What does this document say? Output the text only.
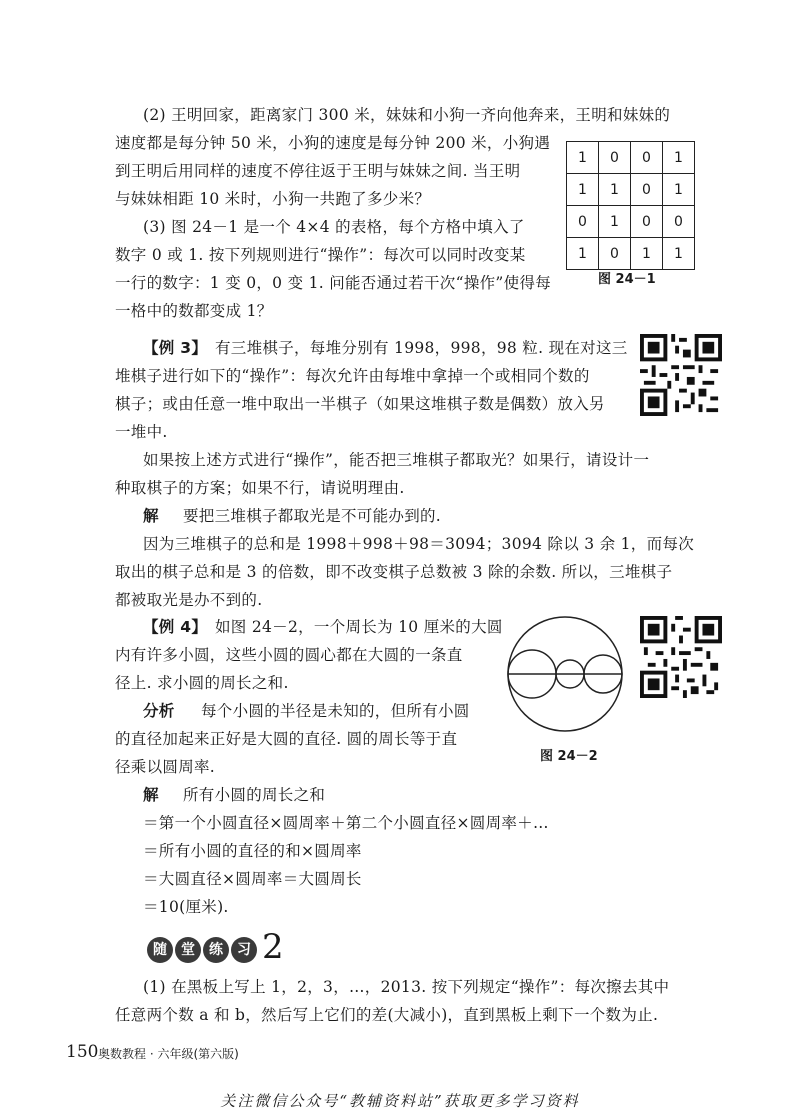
(2) 王明回家，距离家门 300 米，妹妹和小狗一齐向他奔来，王明和妹妹的
速度都是每分钟 50 米，小狗的速度是每分钟 200 米，小狗遇
到王明后用同样的速度不停往返于王明与妹妹之间. 当王明
与妹妹相距 10 米时，小狗一共跑了多少米？
(3) 图 24－1 是一个 4×4 的表格，每个方格中填入了
数字 0 或 1. 按下列规则进行“操作”：每次可以同时改变某
一行的数字：1 变 0，0 变 1. 问能否通过若干次“操作”使得每
一格中的数都变成 1？
1	0	0	1
1	1	0	1
0	1	0	0
1	0	1	1
图 24－1
【例 3】 有三堆棋子，每堆分别有 1998，998，98 粒. 现在对这三
堆棋子进行如下的“操作”：每次允许由每堆中拿掉一个或相同个数的
棋子；或由任意一堆中取出一半棋子（如果这堆棋子数是偶数）放入另
一堆中.
如果按上述方式进行“操作”，能否把三堆棋子都取光？如果行，请设计一
种取棋子的方案；如果不行，请说明理由.
解 要把三堆棋子都取光是不可能办到的.
因为三堆棋子的总和是 1998＋998＋98＝3094；3094 除以 3 余 1，而每次
取出的棋子总和是 3 的倍数，即不改变棋子总数被 3 除的余数. 所以，三堆棋子
都被取光是办不到的.
【例 4】 如图 24－2，一个周长为 10 厘米的大圆
内有许多小圆，这些小圆的圆心都在大圆的一条直
径上. 求小圆的周长之和.
分析 每个小圆的半径是未知的，但所有小圆
的直径加起来正好是大圆的直径. 圆的周长等于直
径乘以圆周率.
解 所有小圆的周长之和
＝第一个小圆直径×圆周率＋第二个小圆直径×圆周率＋…
＝所有小圆的直径的和×圆周率
＝大圆直径×圆周率＝大圆周长
＝10(厘米).
图 24－2
随	堂	练	习 2
(1) 在黑板上写上 1，2，3，…，2013. 按下列规定“操作”：每次擦去其中
任意两个数 a 和 b，然后写上它们的差(大减小)，直到黑板上剩下一个数为止.
150 奥数教程 · 六年级(第六版)
关注微信公众号“教辅资料站”获取更多学习资料
